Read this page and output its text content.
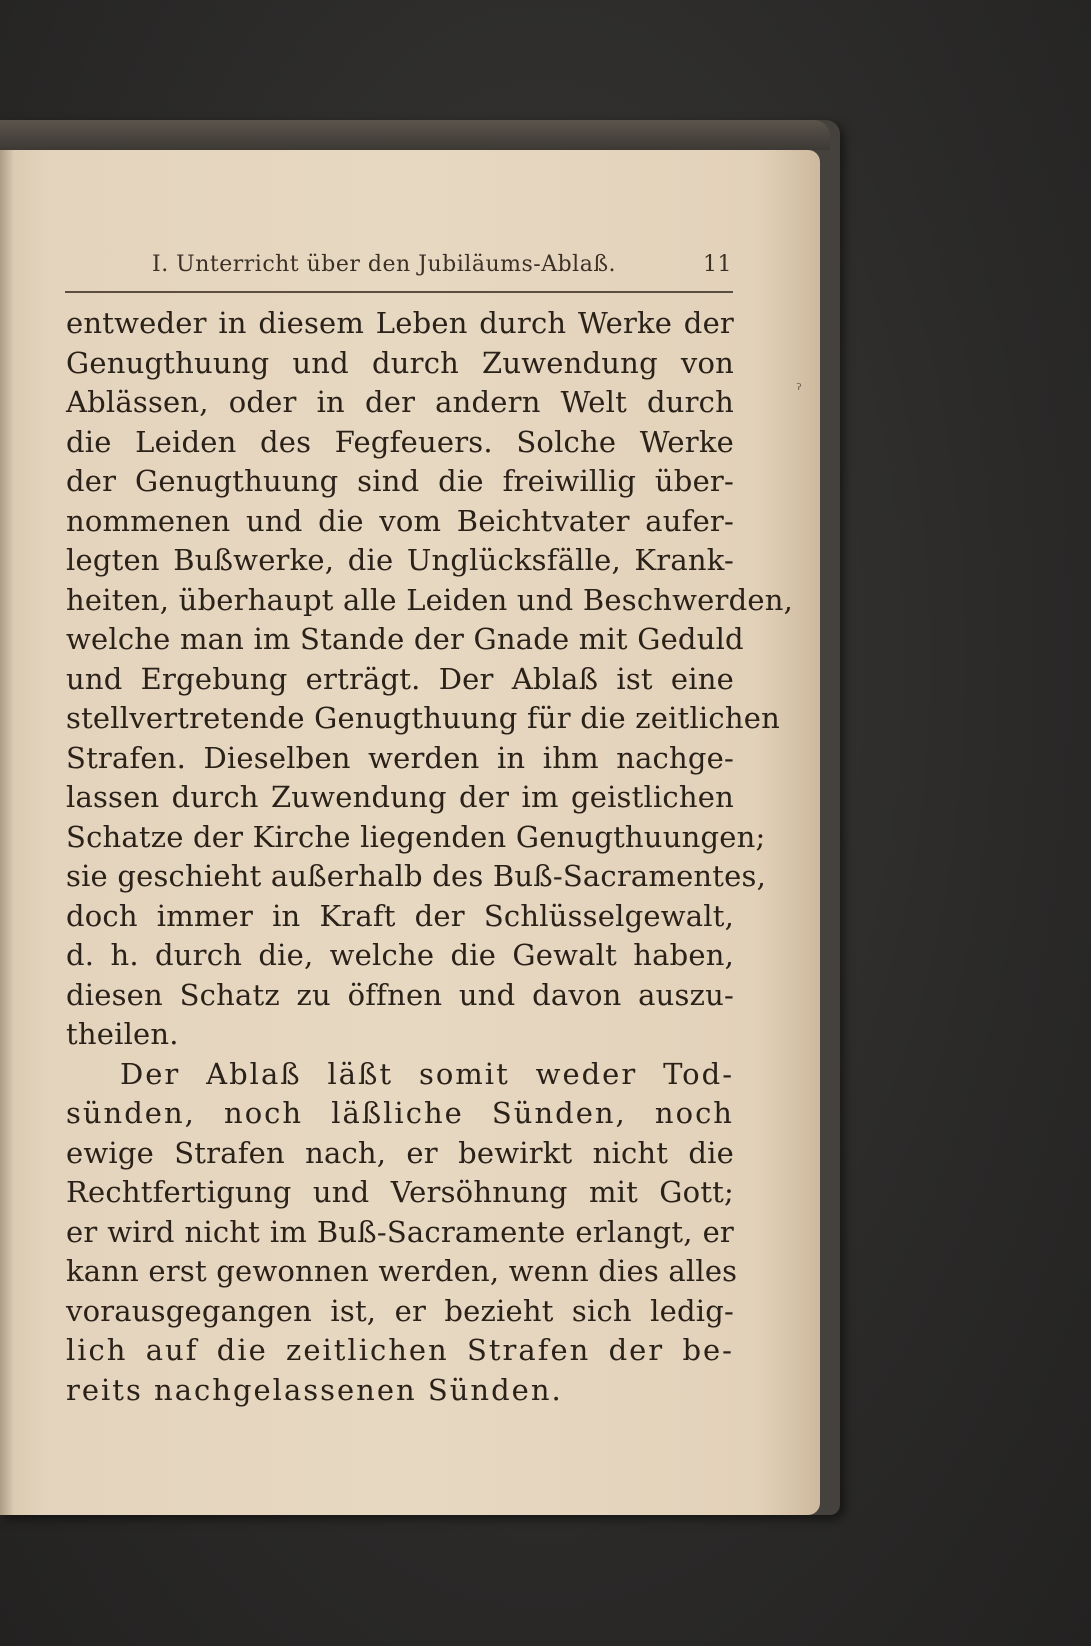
I. Unterricht über den Jubiläums-Ablaß.	11
entweder in diesem Leben durch Werke der
Genugthuung und durch Zuwendung von
Ablässen, oder in der andern Welt durch
die Leiden des Fegfeuers. Solche Werke
der Genugthuung sind die freiwillig über-
nommenen und die vom Beichtvater aufer-
legten Bußwerke, die Unglücksfälle, Krank-
heiten, überhaupt alle Leiden und Beschwerden,
welche man im Stande der Gnade mit Geduld
und Ergebung erträgt. Der Ablaß ist eine
stellvertretende Genugthuung für die zeitlichen
Strafen. Dieselben werden in ihm nachge-
lassen durch Zuwendung der im geistlichen
Schatze der Kirche liegenden Genugthuungen;
sie geschieht außerhalb des Buß-Sacramentes,
doch immer in Kraft der Schlüsselgewalt,
d. h. durch die, welche die Gewalt haben,
diesen Schatz zu öffnen und davon auszu-
theilen.
Der Ablaß läßt somit weder Tod-
sünden, noch läßliche Sünden, noch
ewige Strafen nach, er bewirkt nicht die
Rechtfertigung und Versöhnung mit Gott;
er wird nicht im Buß-Sacramente erlangt, er
kann erst gewonnen werden, wenn dies alles
vorausgegangen ist, er bezieht sich ledig-
lich auf die zeitlichen Strafen der be-
reits nachgelassenen Sünden.
ˀ
